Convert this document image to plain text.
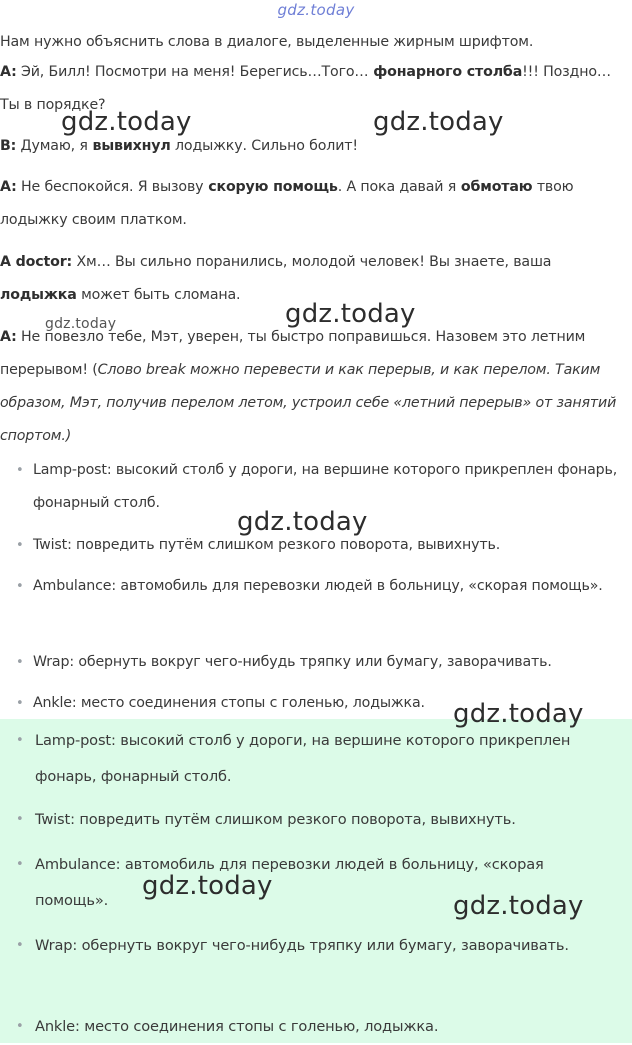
gdz.today
Нам нужно объяснить слова в диалоге, выделенные жирным шрифтом.
A: Эй, Билл! Посмотри на меня! Берегись…Того… фонарного столба!!! Поздно… Ты в порядке?
B: Думаю, я вывихнул лодыжку. Сильно болит!
A: Не беспокойся. Я вызову скорую помощь. А пока давай я обмотаю твою лодыжку своим платком.
A doctor: Хм… Вы сильно поранились, молодой человек! Вы знаете, ваша лодыжка может быть сломана.
A: Не повезло тебе, Мэт, уверен, ты быстро поправишься. Назовем это летним перерывом! (Слово break можно перевести и как перерыв, и как перелом. Таким образом, Мэт, получив перелом летом, устроил себе «летний перерыв» от занятий спортом.)
• Lamp-post: высокий столб у дороги, на вершине которого прикреплен фонарь, фонарный столб.
• Twist: повредить путём слишком резкого поворота, вывихнуть.
• Ambulance: автомобиль для перевозки людей в больницу, «скорая помощь».
• Wrap: обернуть вокруг чего-нибудь тряпку или бумагу, заворачивать.
• Ankle: место соединения стопы с голенью, лодыжка.
• Lamp-post: высокий столб у дороги, на вершине которого прикреплен фонарь, фонарный столб.
• Twist: повредить путём слишком резкого поворота, вывихнуть.
• Ambulance: автомобиль для перевозки людей в больницу, «скорая помощь».
• Wrap: обернуть вокруг чего-нибудь тряпку или бумагу, заворачивать.
• Ankle: место соединения стопы с голенью, лодыжка.
gdz.today	gdz.today
gdz.today	gdz.today
gdz.today
gdz.today
gdz.today
gdz.today
